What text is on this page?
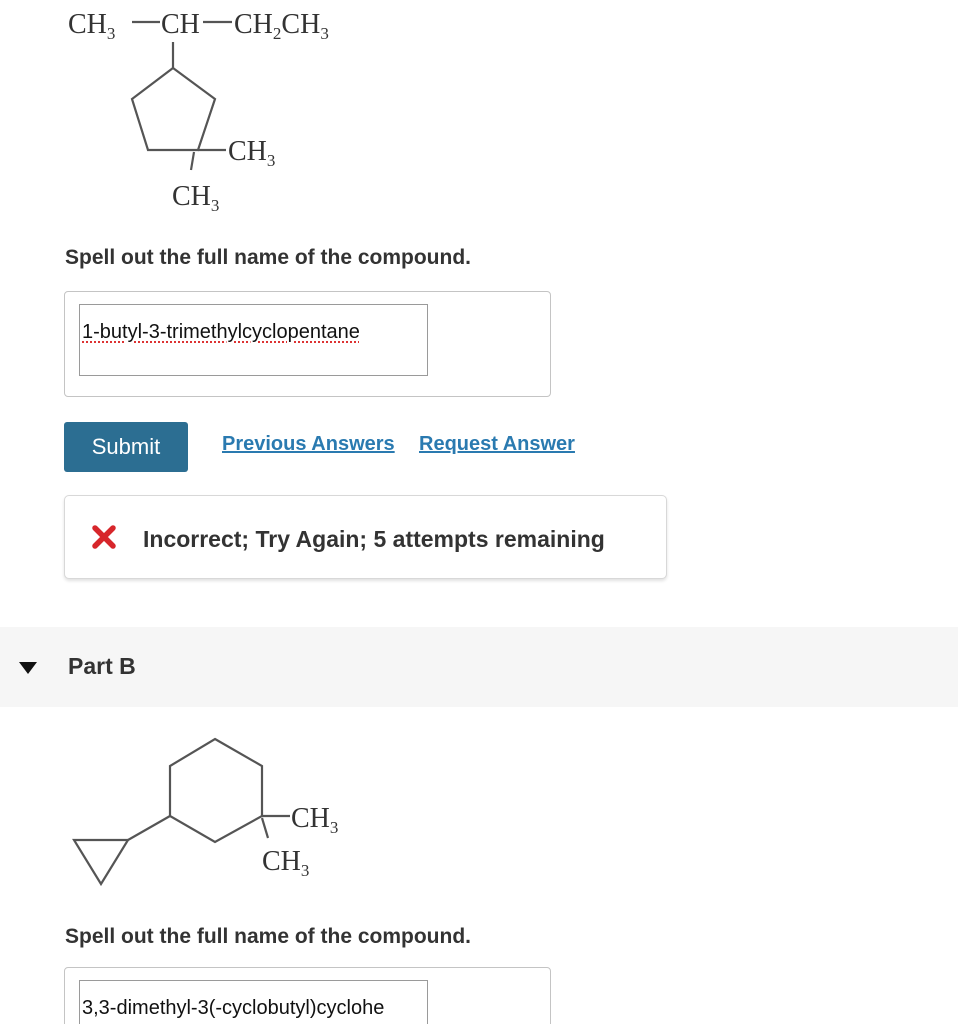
$CH_3$ CH $CH_2CH_3$
$CH_3$
$CH_3$
Spell out the full name of the compound.
1-butyl-3-trimethylcyclopentane
Submit	Previous Answers Request Answer
Incorrect; Try Again; 5 attempts remaining
Part B
$CH_3$
$CH_3$
Spell out the full name of the compound.
3,3-dimethyl-3(-cyclobutyl)cyclohe
